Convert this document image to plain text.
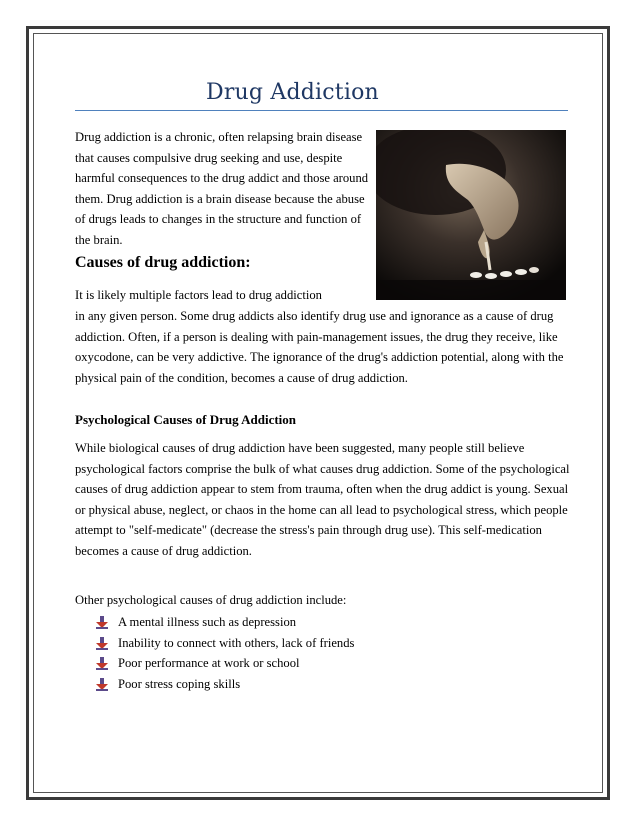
Drug Addiction

Drug addiction is a chronic, often relapsing brain disease that causes compulsive drug seeking and use, despite harmful consequences to the drug addict and those around them. Drug addiction is a brain disease because the abuse of drugs leads to changes in the structure and function of the brain.

Causes of drug addiction:

It is likely multiple factors lead to drug addiction

in any given person. Some drug addicts also identify drug use and ignorance as a cause of drug addiction. Often, if a person is dealing with pain-management issues, the drug they receive, like oxycodone, can be very addictive. The ignorance of the drug's addiction potential, along with the physical pain of the condition, becomes a cause of drug addiction.

Psychological Causes of Drug Addiction

While biological causes of drug addiction have been suggested, many people still believe psychological factors comprise the bulk of what causes drug addiction. Some of the psychological causes of drug addiction appear to stem from trauma, often when the drug addict is young. Sexual or physical abuse, neglect, or chaos in the home can all lead to psychological stress, which people attempt to "self-medicate" (decrease the stress's pain through drug use). This self-medication becomes a cause of drug addiction.

Other psychological causes of drug addiction include:

A mental illness such as depression
Inability to connect with others, lack of friends
Poor performance at work or school
Poor stress coping skills
